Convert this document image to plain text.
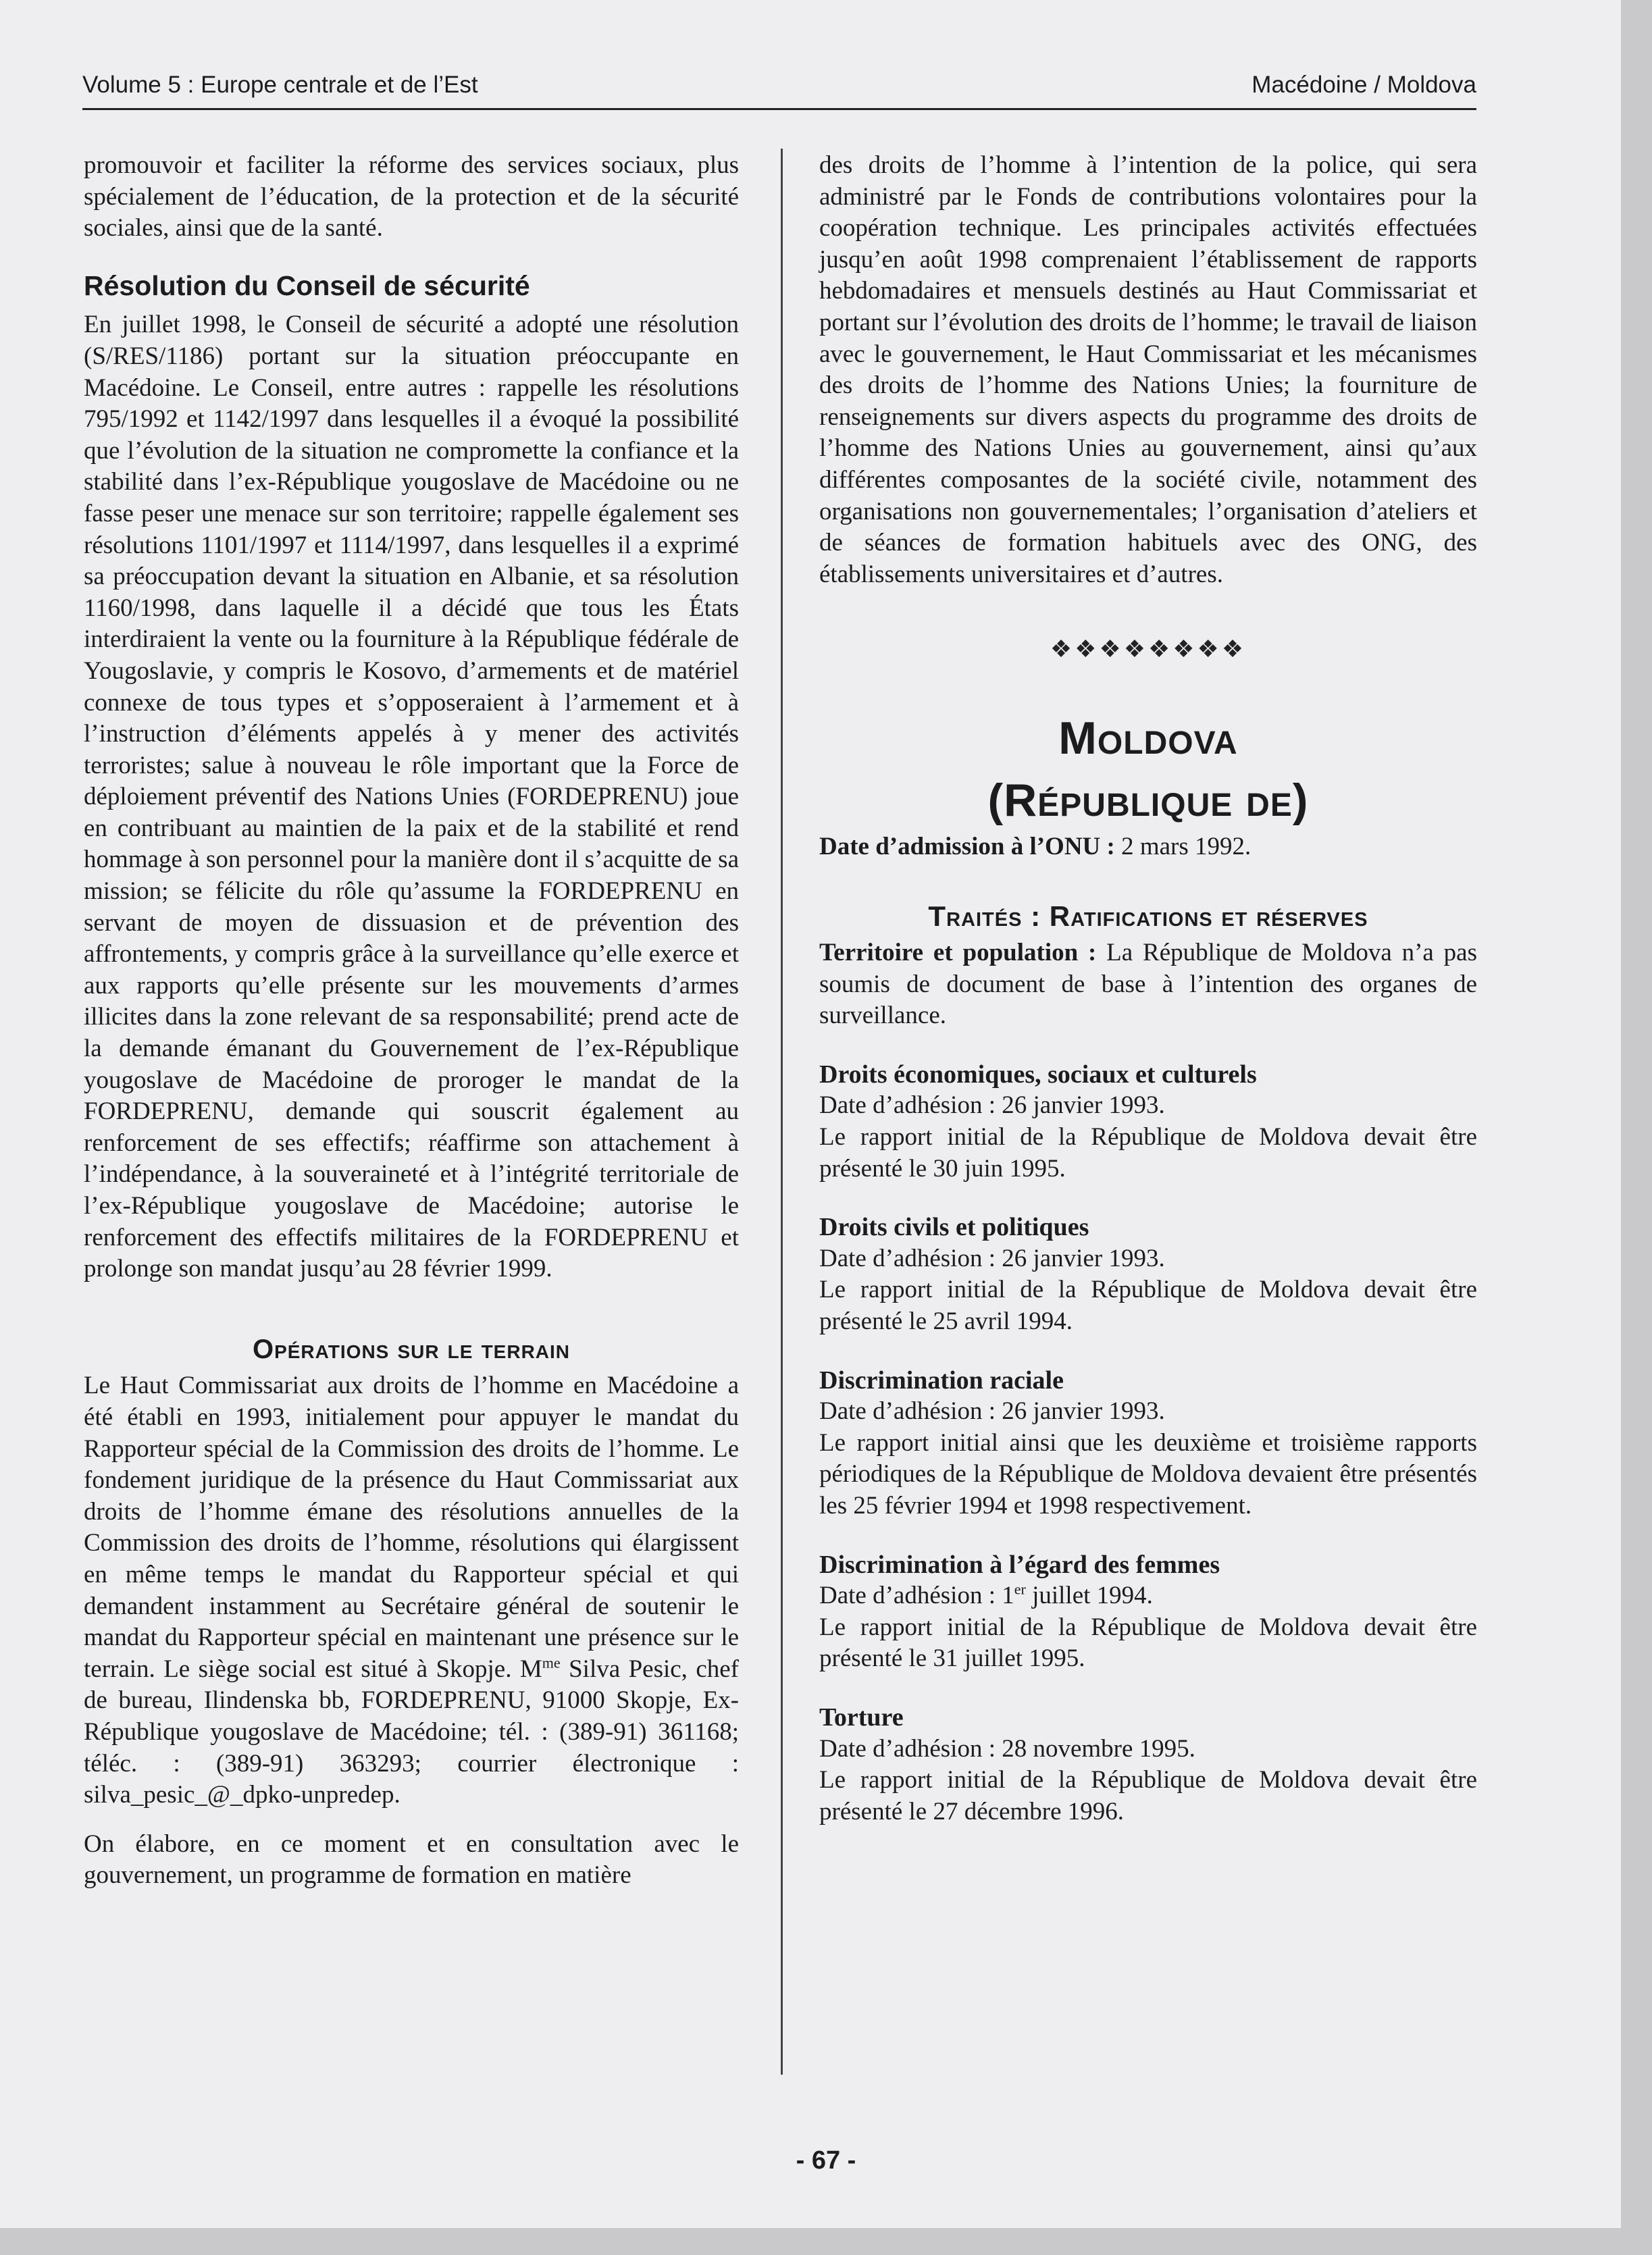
Volume 5 : Europe centrale et de l’Est	Macédoine / Moldova

promouvoir et faciliter la réforme des services sociaux, plus spécialement de l’éducation, de la protection et de la sécurité sociales, ainsi que de la santé.

Résolution du Conseil de sécurité

En juillet 1998, le Conseil de sécurité a adopté une résolution (S/RES/1186) portant sur la situation préoccupante en Macédoine. Le Conseil, entre autres : rappelle les résolutions 795/1992 et 1142/1997 dans lesquelles il a évoqué la possibilité que l’évolution de la situation ne compromette la confiance et la stabilité dans l’ex-République yougoslave de Macédoine ou ne fasse peser une menace sur son territoire; rappelle également ses résolutions 1101/1997 et 1114/1997, dans lesquelles il a exprimé sa préoccupation devant la situation en Albanie, et sa résolution 1160/1998, dans laquelle il a décidé que tous les États interdiraient la vente ou la fourniture à la République fédérale de Yougoslavie, y compris le Kosovo, d’armements et de matériel connexe de tous types et s’opposeraient à l’armement et à l’instruction d’éléments appelés à y mener des activités terroristes; salue à nouveau le rôle important que la Force de déploiement préventif des Nations Unies (FORDEPRENU) joue en contribuant au maintien de la paix et de la stabilité et rend hommage à son personnel pour la manière dont il s’acquitte de sa mission; se félicite du rôle qu’assume la FORDEPRENU en servant de moyen de dissuasion et de prévention des affrontements, y compris grâce à la surveillance qu’elle exerce et aux rapports qu’elle présente sur les mouvements d’armes illicites dans la zone relevant de sa responsabilité; prend acte de la demande émanant du Gouvernement de l’ex-République yougoslave de Macédoine de proroger le mandat de la FORDEPRENU, demande qui souscrit également au renforcement de ses effectifs; réaffirme son attachement à l’indépendance, à la souveraineté et à l’intégrité territoriale de l’ex-République yougoslave de Macédoine; autorise le renforcement des effectifs militaires de la FORDEPRENU et prolonge son mandat jusqu’au 28 février 1999.

Opérations sur le terrain

Le Haut Commissariat aux droits de l’homme en Macédoine a été établi en 1993, initialement pour appuyer le mandat du Rapporteur spécial de la Commission des droits de l’homme. Le fondement juridique de la présence du Haut Commissariat aux droits de l’homme émane des résolutions annuelles de la Commission des droits de l’homme, résolutions qui élargissent en même temps le mandat du Rapporteur spécial et qui demandent instamment au Secrétaire général de soutenir le mandat du Rapporteur spécial en maintenant une présence sur le terrain. Le siège social est situé à Skopje. $M^{me}$ Silva Pesic, chef de bureau, Ilindenska bb, FORDEPRENU, 91000 Skopje, Ex-République yougoslave de Macédoine; tél. : (389-91) 361168; téléc. : (389-91) 363293; courrier électronique : silva_pesic_@_dpko-unpredep.

On élabore, en ce moment et en consultation avec le gouvernement, un programme de formation en matière

des droits de l’homme à l’intention de la police, qui sera administré par le Fonds de contributions volontaires pour la coopération technique. Les principales activités effectuées jusqu’en août 1998 comprenaient l’établissement de rapports hebdomadaires et mensuels destinés au Haut Commissariat et portant sur l’évolution des droits de l’homme; le travail de liaison avec le gouvernement, le Haut Commissariat et les mécanismes des droits de l’homme des Nations Unies; la fourniture de renseignements sur divers aspects du programme des droits de l’homme des Nations Unies au gouvernement, ainsi qu’aux différentes composantes de la société civile, notamment des organisations non gouvernementales; l’organisation d’ateliers et de séances de formation habituels avec des ONG, des établissements universitaires et d’autres.

❖❖❖❖❖❖❖❖
Moldova
(République de)

Date d’admission à l’ONU : 2 mars 1992.

Traités : Ratifications et réserves

Territoire et population : La République de Moldova n’a pas soumis de document de base à l’intention des organes de surveillance.

Droits économiques, sociaux et culturels

Date d’adhésion : 26 janvier 1993.

Le rapport initial de la République de Moldova devait être présenté le 30 juin 1995.

Droits civils et politiques

Date d’adhésion : 26 janvier 1993.

Le rapport initial de la République de Moldova devait être présenté le 25 avril 1994.

Discrimination raciale

Date d’adhésion : 26 janvier 1993.

Le rapport initial ainsi que les deuxième et troisième rapports périodiques de la République de Moldova devaient être présentés les 25 février 1994 et 1998 respectivement.

Discrimination à l’égard des femmes

Date d’adhésion : 1er juillet 1994.

Le rapport initial de la République de Moldova devait être présenté le 31 juillet 1995.

Torture

Date d’adhésion : 28 novembre 1995.

Le rapport initial de la République de Moldova devait être présenté le 27 décembre 1996.

- 67 -
